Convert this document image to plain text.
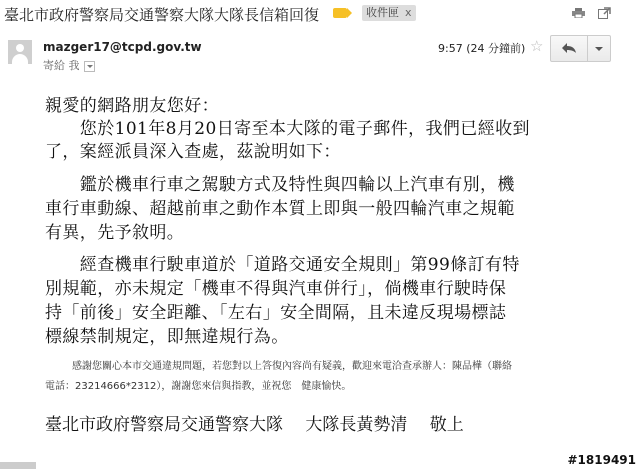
臺北市政府警察局交通警察大隊大隊長信箱回復	收件匣 x
mazger17@tcpd.gov.tw
寄給 我
9:57 (24 分鐘前) ☆
親愛的網路朋友您好：
　　您於101年8月20日寄至本大隊的電子郵件，我們已經收到
了，案經派員深入查處，茲說明如下：
　　鑑於機車行車之駕駛方式及特性與四輪以上汽車有別，機
車行車動線、超越前車之動作本質上即與一般四輪汽車之規範
有異，先予敘明。
　　經查機車行駛車道於「道路交通安全規則」第99條訂有特
別規範，亦未規定「機車不得與汽車併行」，倘機車行駛時保
持「前後」安全距離、「左右」安全間隔，且未違反現場標誌
標線禁制規定，即無違規行為。
感謝您關心本市交通違規問題，若您對以上答復內容尚有疑義，歡迎來電洽查承辦人：陳品樺（聯絡
電話：23214666*2312），謝謝您來信與指教，並祝您　健康愉快。
臺北市政府警察局交通警察大隊　 大隊長黃勢清 　敬上
#1819491
